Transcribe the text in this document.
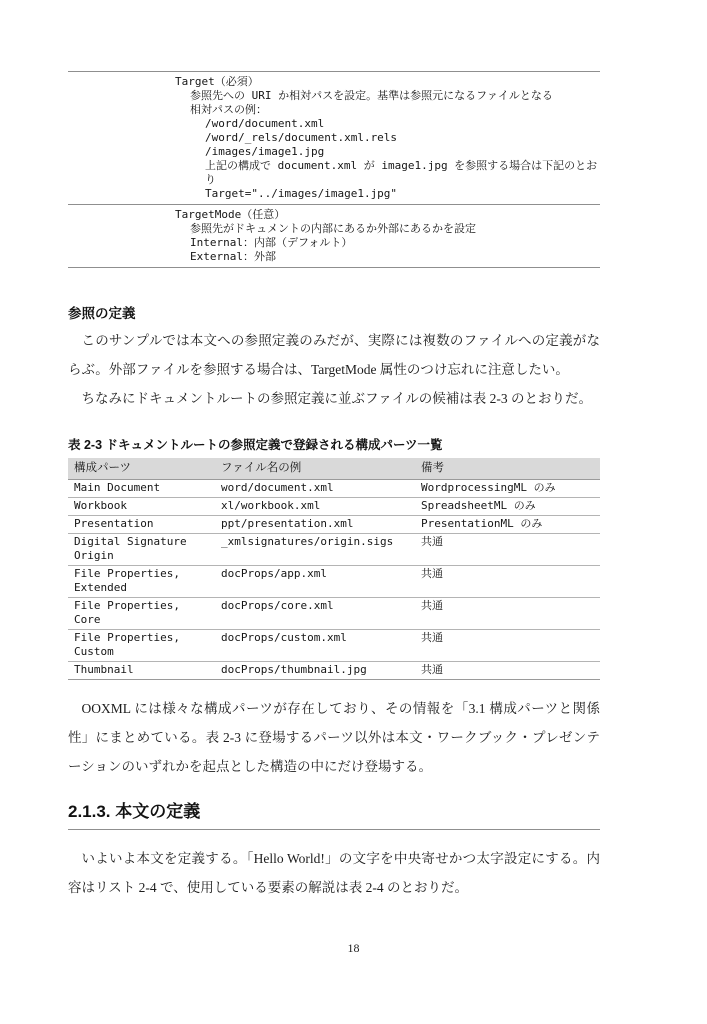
Target（必須）
参照先への URI か相対パスを設定。基準は参照元になるファイルとなる
相対パスの例：
/word/document.xml
/word/_rels/document.xml.rels
/images/image1.jpg
上記の構成で document.xml が image1.jpg を参照する場合は下記のとお
り
Target="../images/image1.jpg"
TargetMode（任意）
参照先がドキュメントの内部にあるか外部にあるかを設定
Internal：内部（デフォルト）
External：外部
参照の定義

このサンプルでは本文への参照定義のみだが、実際には複数のファイルへの定義がならぶ。外部ファイルを参照する場合は、TargetMode 属性のつけ忘れに注意したい。

ちなみにドキュメントルートの参照定義に並ぶファイルの候補は表 2-3 のとおりだ。

表 2-3 ドキュメントルートの参照定義で登録される構成パーツ一覧

構成パーツ	ファイル名の例	備考
Main Document	word/document.xml	WordprocessingML のみ
Workbook	xl/workbook.xml	SpreadsheetML のみ
Presentation	ppt/presentation.xml	PresentationML のみ
Digital Signature Origin	_xmlsignatures/origin.sigs	共通
File Properties, Extended	docProps/app.xml	共通
File Properties, Core	docProps/core.xml	共通
File Properties, Custom	docProps/custom.xml	共通
Thumbnail	docProps/thumbnail.jpg	共通

OOXML には様々な構成パーツが存在しており、その情報を「3.1 構成パーツと関係性」にまとめている。表 2-3 に登場するパーツ以外は本文・ワークブック・プレゼンテーションのいずれかを起点とした構造の中にだけ登場する。

2.1.3. 本文の定義

いよいよ本文を定義する。「Hello World!」の文字を中央寄せかつ太字設定にする。内容はリスト 2-4 で、使用している要素の解説は表 2-4 のとおりだ。

18
